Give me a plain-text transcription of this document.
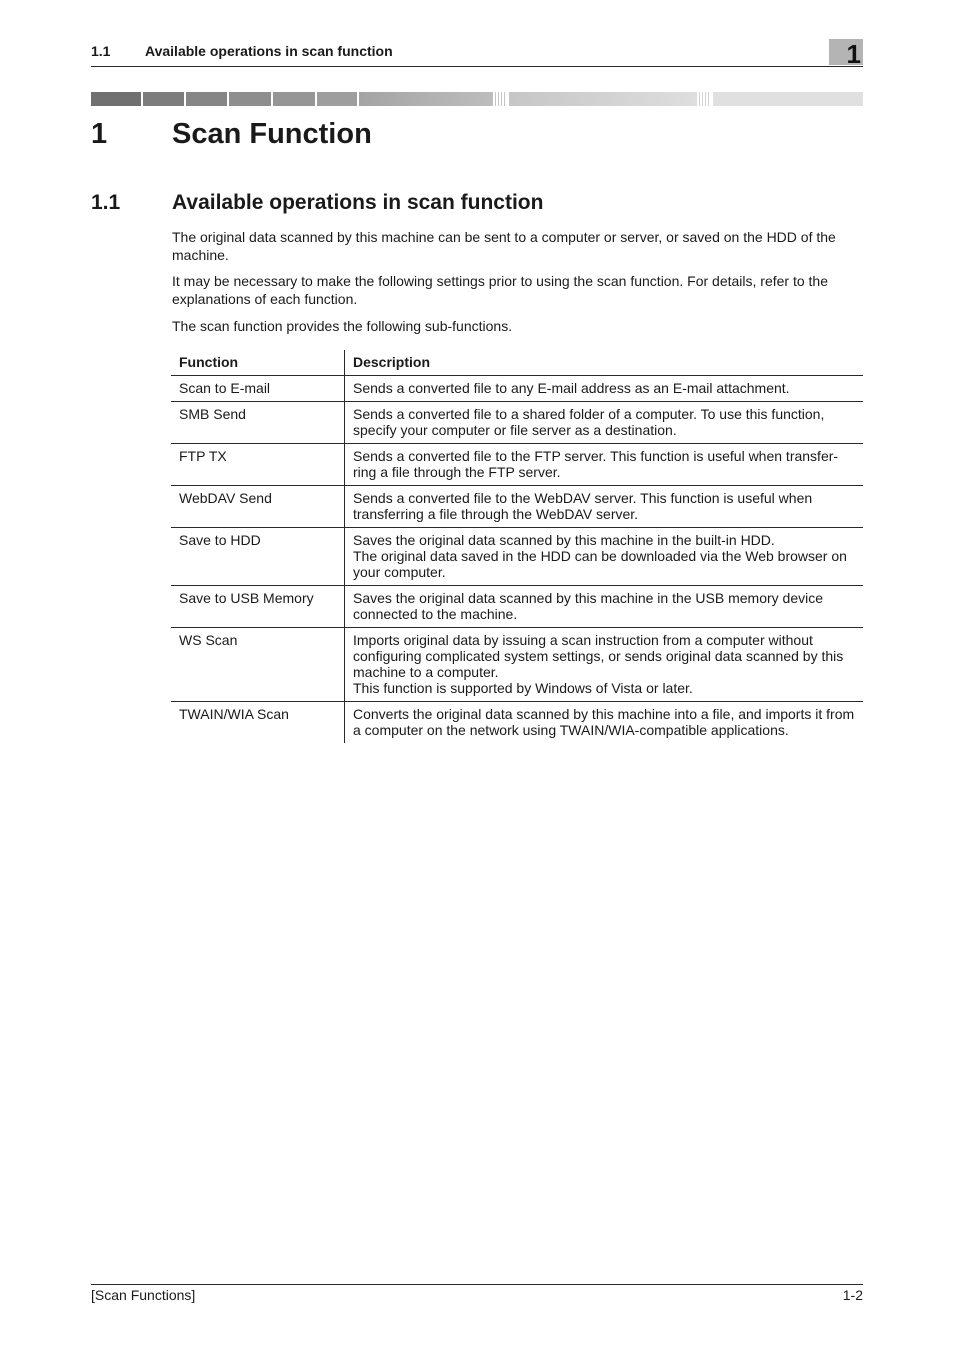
1.1 Available operations in scan function	1
1 Scan Function
1.1 Available operations in scan function

The original data scanned by this machine can be sent to a computer or server, or saved on the HDD of the machine.

It may be necessary to make the following settings prior to using the scan function. For details, refer to the explanations of each function.

The scan function provides the following sub-functions.

Function	Description
Scan to E-mail	Sends a converted file to any E-mail address as an E-mail attachment.
SMB Send	Sends a converted file to a shared folder of a computer. To use this function, specify your computer or file server as a destination.
FTP TX	Sends a converted file to the FTP server. This function is useful when transfer-ring a file through the FTP server.
WebDAV Send	Sends a converted file to the WebDAV server. This function is useful when transferring a file through the WebDAV server.
Save to HDD	Saves the original data scanned by this machine in the built-in HDD.
The original data saved in the HDD can be downloaded via the Web browser on your computer.
Save to USB Memory	Saves the original data scanned by this machine in the USB memory device connected to the machine.
WS Scan	Imports original data by issuing a scan instruction from a computer without configuring complicated system settings, or sends original data scanned by this machine to a computer.
This function is supported by Windows of Vista or later.
TWAIN/WIA Scan	Converts the original data scanned by this machine into a file, and imports it from a computer on the network using TWAIN/WIA-compatible applications.
[Scan Functions]	1-2
